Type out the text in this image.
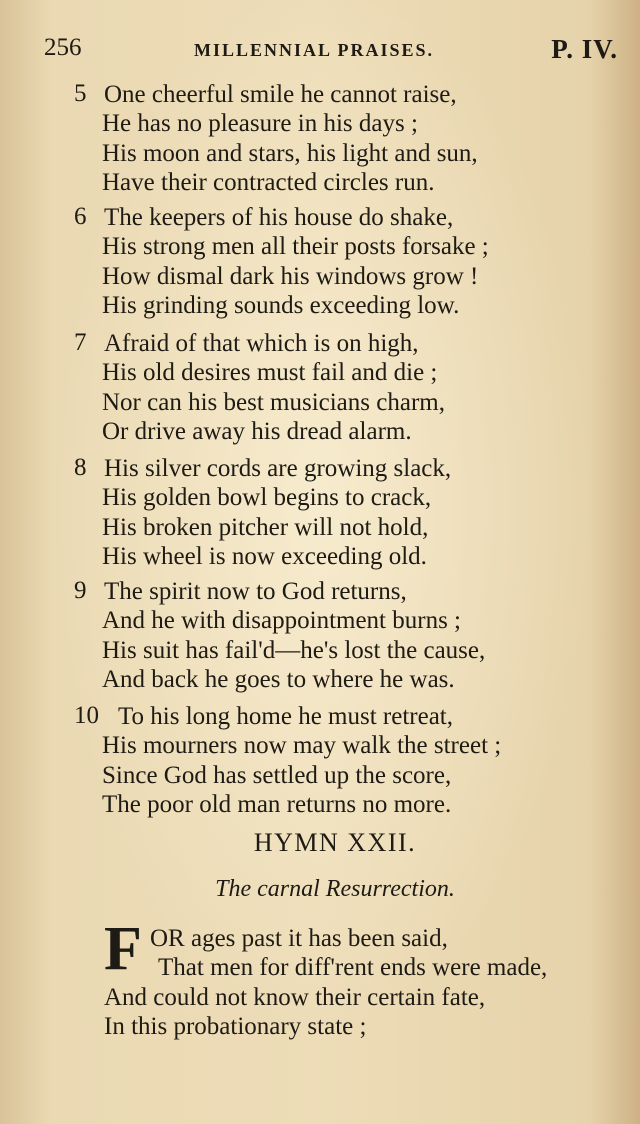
256	MILLENNIAL PRAISES.	P. IV.
5 One cheerful smile he cannot raise,
He has no pleasure in his days ;
His moon and stars, his light and sun,
Have their contracted circles run.
6 The keepers of his house do shake,
His strong men all their posts forsake ;
How dismal dark his windows grow !
His grinding sounds exceeding low.
7 Afraid of that which is on high,
His old desires must fail and die ;
Nor can his best musicians charm,
Or drive away his dread alarm.
8 His silver cords are growing slack,
His golden bowl begins to crack,
His broken pitcher will not hold,
His wheel is now exceeding old.
9 The spirit now to God returns,
And he with disappointment burns ;
His suit has fail'd—he's lost the cause,
And back he goes to where he was.
10 To his long home he must retreat,
His mourners now may walk the street ;
Since God has settled up the score,
The poor old man returns no more.
HYMN XXII.
The carnal Resurrection.
F OR ages past it has been said,
That men for diff'rent ends were made,
And could not know their certain fate,
In this probationary state ;
